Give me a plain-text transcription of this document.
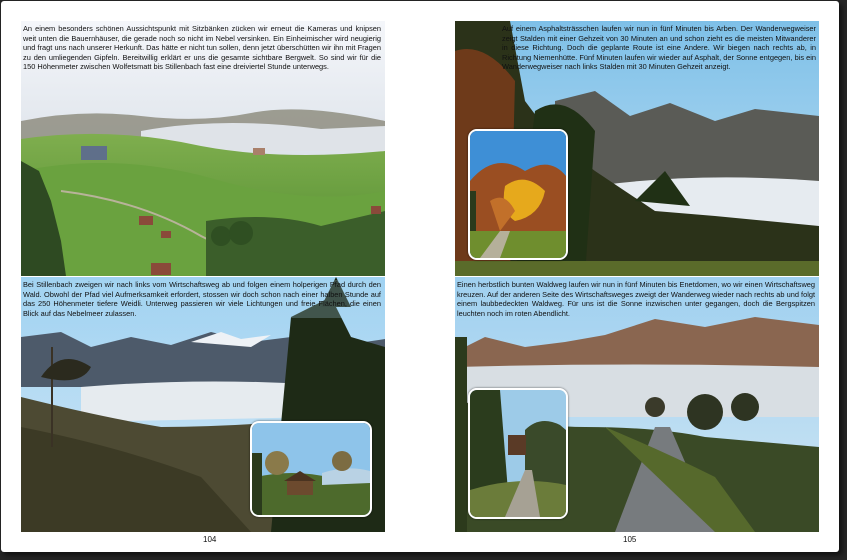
An einem besonders schönen Aussichtspunkt mit Sitzbänken zücken wir erneut die Kameras und knipsen weit unten die Bauernhäuser, die gerade noch so nicht im Nebel versinken. Ein Einheimischer wird neugierig und fragt uns nach unserer Herkunft. Das hätte er nicht tun sollen, denn jetzt überschütten wir ihn mit Fragen zu den umliegenden Gipfeln. Bereitwillig erklärt er uns die gesamte sichtbare Bergwelt. So sind wir für die 150 Höhenmeter zwischen Wolfetsmatt bis Stillenbach fast eine dreiviertel Stunde unterwegs.

Bei Stillenbach zweigen wir nach links vom Wirtschaftsweg ab und folgen einem holperigen Pfad durch den Wald. Obwohl der Pfad viel Aufmerksamkeit erfordert, stossen wir doch schon nach einer halben Stunde auf das 250 Höhenmeter tiefere Weidli. Unterweg passieren wir viele Lichtungen und freie Flächen, die einen Blick auf das Nebelmeer zulassen.

104

Auf einem Asphaltsträsschen laufen wir nun in fünf Minuten bis Arben. Der Wanderwegweiser zeigt Stalden mit einer Gehzeit von 30 Minuten an und schon zieht es die meisten Mitwanderer in diese Richtung. Doch die geplante Route ist eine Andere. Wir biegen nach rechts ab, in Richtung Niemenhütte. Fünf Minuten laufen wir wieder auf Asphalt, der Sonne entgegen, bis ein Wanderwegweiser nach links Stalden mit 30 Minuten Gehzeit anzeigt.

Einen herbstlich bunten Waldweg laufen wir nun in fünf Minuten bis Enetdomen, wo wir einen Wirtschaftsweg kreuzen. Auf der anderen Seite des Wirtschaftsweges zweigt der Wanderweg wieder nach rechts ab und folgt einem laubbedeckten Waldweg. Für uns ist die Sonne inzwischen unter gegangen, doch die Bergspitzen leuchten noch im roten Abendlicht.

105
